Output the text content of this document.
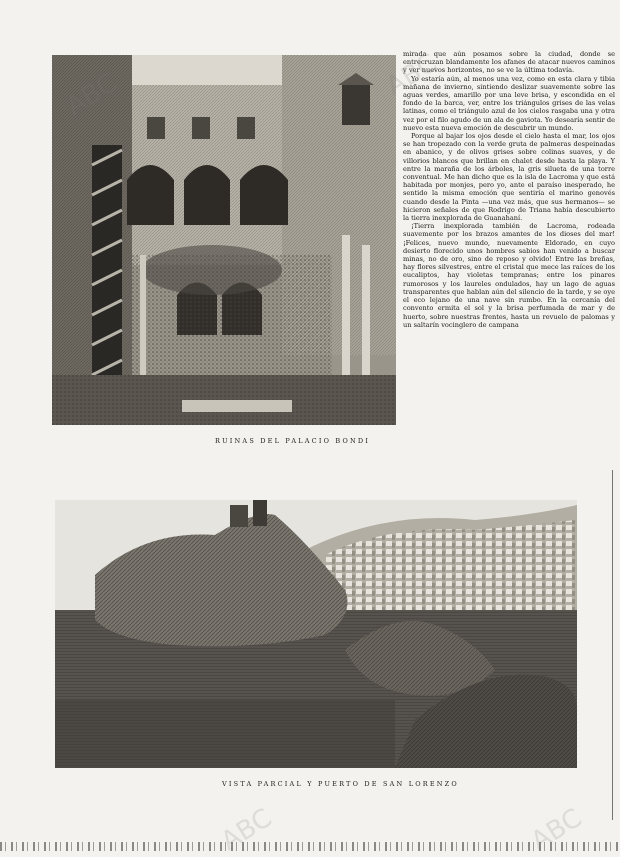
RUINAS DEL PALACIO BONDI

mirada que aún posamos sobre la ciudad, donde se entrecruzan blandamente los afanes de atacar nuevos caminos y ver nuevos horizontes, no se ve la última todavía.

Yo estaría aún, al menos una vez, como en esta clara y tibia mañana de invierno, sintiendo deslizar suavemente sobre las aguas verdes, amarillo por una leve brisa, y escondida en el fondo de la barca, ver, entre los triángulos grises de las velas latinas, como el triángulo azul de los cielos rasgaba una y otra vez por el filo agudo de un ala de gaviota. Yo desearía sentir de nuevo esta nueva emoción de descubrir un mundo.

Porque al bajar los ojos desde el cielo hasta el mar, los ojos se han tropezado con la verde gruta de palmeras despeinadas en abanico, y de olivos grises sobre colinas suaves, y de villorios blancos que brillan en chalet desde hasta la playa. Y entre la maraña de los árboles, la gris silueta de una torre conventual. Me han dicho que es la isla de Lacroma y que está habitada por monjes, pero yo, ante el paraíso inesperado, he sentido la misma emoción que sentiría el marino genovés cuando desde la Pinta —una vez más, que sus hermanos— se hicieron señales de que Rodrigo de Triana había descubierto la tierra inexplorada de Guanahaní.

¡Tierra inexplorada también de Lacroma, rodeada suavemente por los brazos amantes de los dioses del mar! ¡Felices, nuevo mundo, nuevamente Eldorado, en cuyo desierto florecido unos hombres sabios han venido a buscar minas, no de oro, sino de reposo y olvido! Entre las breñas, hay flores silvestres, entre el cristal que mece las raíces de los eucaliptos, hay violetas tempranas; entre los pinares rumorosos y los laureles ondulados, hay un lago de aguas transparentes que hablan aún del silencio de la tarde, y se oye el eco lejano de una nave sin rumbo. En la cercanía del convento ermita el sol y la brisa perfumada de mar y de huerto, sobre nuestras frentes, hasta un revuelo de palomas y un saltarín vocinglero de campana

VISTA PARCIAL Y PUERTO DE SAN LORENZO
ABC
ABC	ABC
